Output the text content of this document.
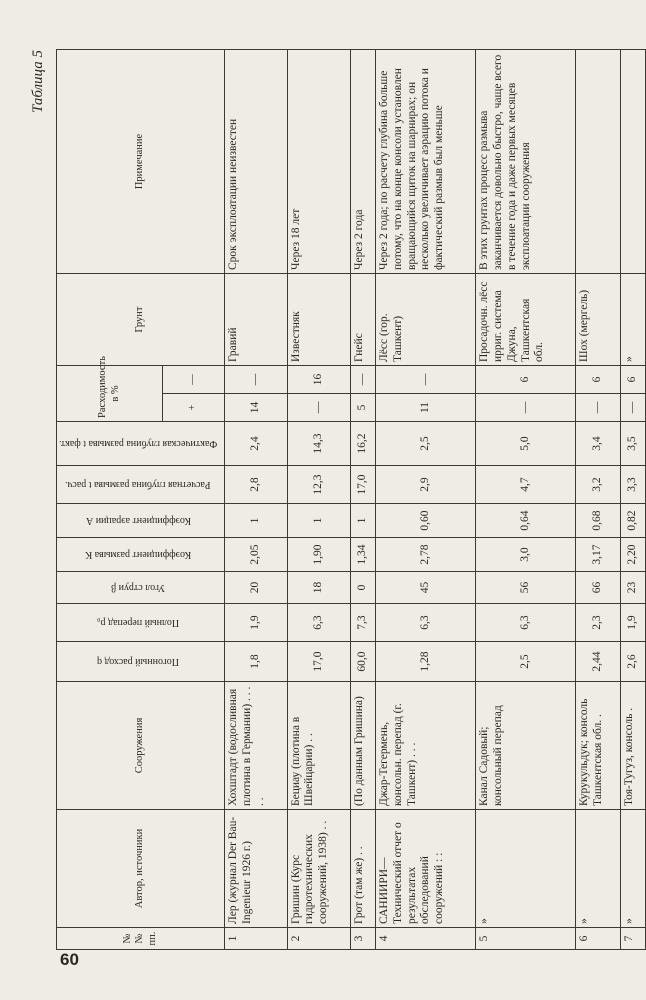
60
Таблица 5
№№ пп.	Автор, источники	Сооружения	Погонный расход q	Полный перепад p₀	Угол струи β	Коэффициент размыва K	Коэффициент аэрации A	Расчетная глубина размыва t расч.	Фактическая глубина размыва t факт.	Расходимость в %		Грунт	Примечание
										+	—		
1	Лер (журнал Der Bau-Ingenieur 1926 г.)	Хохштадт (водосливная плотина в Германии) . . . . .	1,8	1,9	20	2,05	1	2,8	2,4	14	—	Гравий	Срок эксплоатации неизвестен
2	Гришин (Курс гидротехнических сооружений, 1938) . .	Бециау (плотина в Швейцарии) . .	17,0	6,3	18	1,90	1	12,3	14,3	—	16	Известняк	Через 18 лет
3	Грот (там же) . .	(По данным Гришина)	60,0	7,3	0	1,34	1	17,0	16,2	5	—	Гнейс	Через 2 года
4	САНИИРИ—Технический отчет о результатах обследований сооружений : :	Джар-Тегермень, консольн. перепад (г. Ташкент) . . .	1,28	6,3	45	2,78	0,60	2,9	2,5	11	—	Лёсс (гор. Ташкент)	Через 2 года; по расчету глубина больше потому, что на конце консоли установлен вращающийся щиток на шарнирах; он несколько увеличивает аэрацию потока и фактический размыв был меньше
5	»	Канал Садовый; консольный перепад	2,5	6,3	56	3,0	0,64	4,7	5,0	—	6	Просадочн. лёсс ирриг. система Джуна, Ташкентская обл.	В этих грунтах процесс размыва заканчивается довольно быстро, чаще всего в течение года и даже первых месяцев эксплоатации сооружения
6	»	Курукульдук; консоль Ташкентская обл. .	2,44	2,3	66	3,17	0,68	3,2	3,4	—	6	Шох (мергель)	
7	»	Тоя-Тугуз, консоль .	2,6	1,9	23	2,20	0,82	3,3	3,5	—	6	»	
